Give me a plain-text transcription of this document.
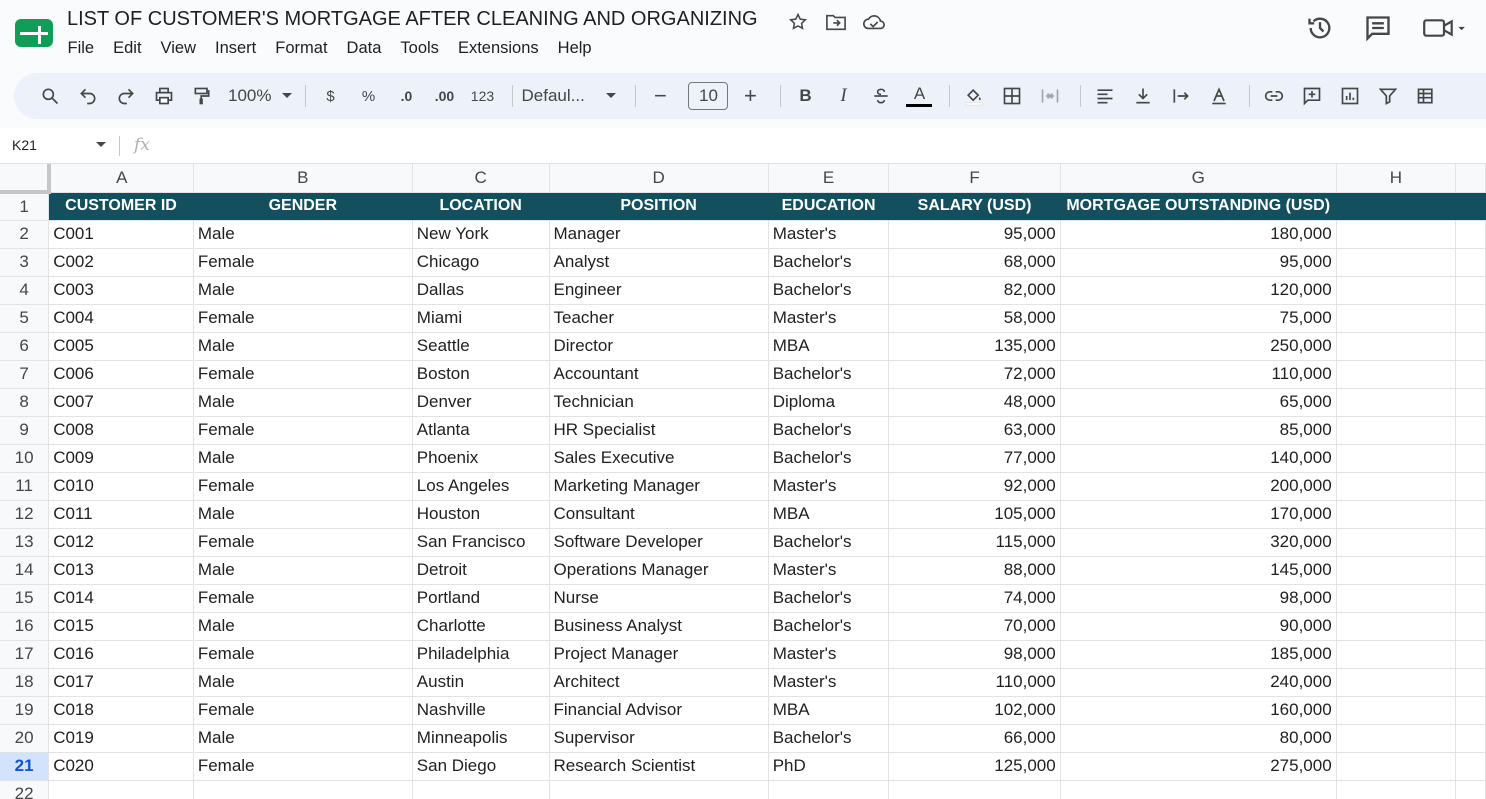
LIST OF CUSTOMER'S MORTGAGE AFTER CLEANING AND ORGANIZING
File	Edit	View	Insert	Format	Data	Tools	Extensions	Help
100%	$	%	.0	.00	123 Defaul...	−	10	+	B	I	A
K21	fx
	A	B	C	D	E	F	G	H	
1	CUSTOMER ID	GENDER	LOCATION	POSITION	EDUCATION	SALARY (USD)	MORTGAGE OUTSTANDING (USD)		
2	C001	Male	New York	Manager	Master's	95,000	180,000		
3	C002	Female	Chicago	Analyst	Bachelor's	68,000	95,000		
4	C003	Male	Dallas	Engineer	Bachelor's	82,000	120,000		
5	C004	Female	Miami	Teacher	Master's	58,000	75,000		
6	C005	Male	Seattle	Director	MBA	135,000	250,000		
7	C006	Female	Boston	Accountant	Bachelor's	72,000	110,000		
8	C007	Male	Denver	Technician	Diploma	48,000	65,000		
9	C008	Female	Atlanta	HR Specialist	Bachelor's	63,000	85,000		
10	C009	Male	Phoenix	Sales Executive	Bachelor's	77,000	140,000		
11	C010	Female	Los Angeles	Marketing Manager	Master's	92,000	200,000		
12	C011	Male	Houston	Consultant	MBA	105,000	170,000		
13	C012	Female	San Francisco	Software Developer	Bachelor's	115,000	320,000		
14	C013	Male	Detroit	Operations Manager	Master's	88,000	145,000		
15	C014	Female	Portland	Nurse	Bachelor's	74,000	98,000		
16	C015	Male	Charlotte	Business Analyst	Bachelor's	70,000	90,000		
17	C016	Female	Philadelphia	Project Manager	Master's	98,000	185,000		
18	C017	Male	Austin	Architect	Master's	110,000	240,000		
19	C018	Female	Nashville	Financial Advisor	MBA	102,000	160,000		
20	C019	Male	Minneapolis	Supervisor	Bachelor's	66,000	80,000		
21	C020	Female	San Diego	Research Scientist	PhD	125,000	275,000		
22									
